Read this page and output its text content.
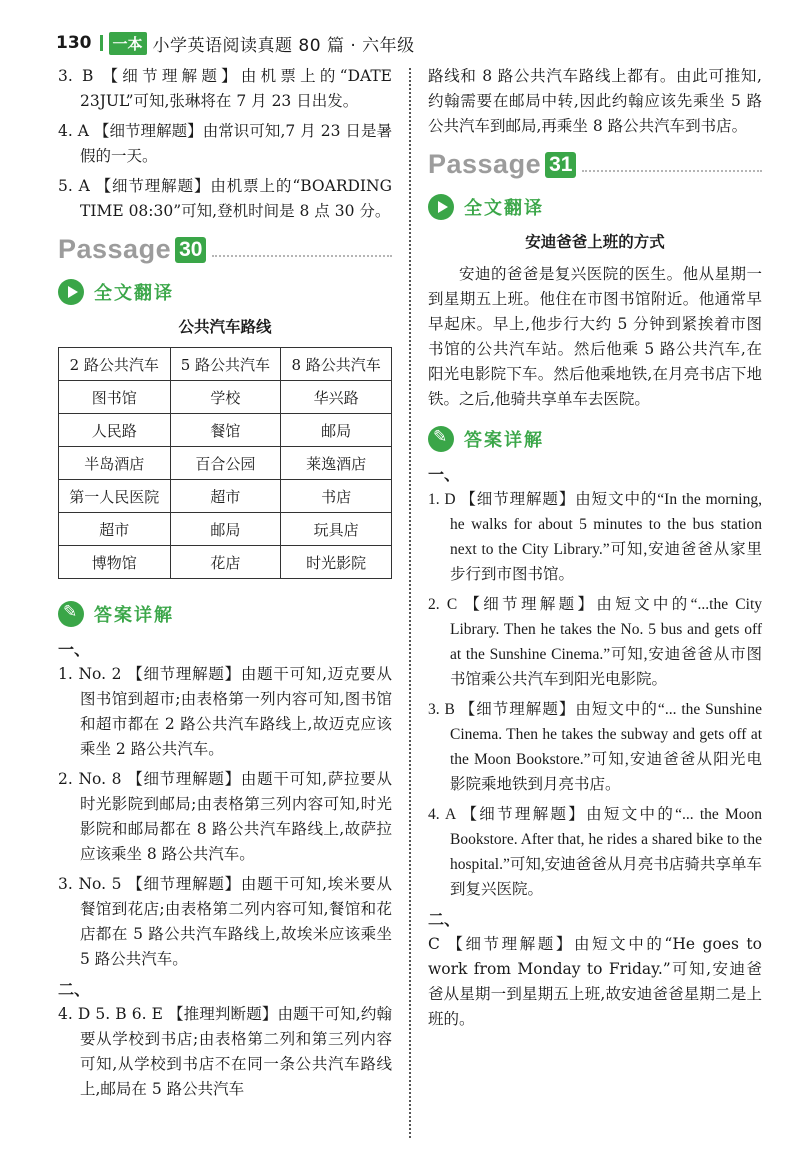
130 一本 小学英语阅读真题 80 篇 · 六年级

3. B 【细节理解题】由机票上的“DATE 23JUL”可知,张琳将在 7 月 23 日出发。

4. A 【细节理解题】由常识可知,7 月 23 日是暑假的一天。

5. A 【细节理解题】由机票上的“BOARDING TIME 08:30”可知,登机时间是 8 点 30 分。

Passage 30
全文翻译
公共汽车路线
2 路公共汽车	5 路公共汽车	8 路公共汽车
图书馆	学校	华兴路
人民路	餐馆	邮局
半岛酒店	百合公园	莱逸酒店
第一人民医院	超市	书店
超市	邮局	玩具店
博物馆	花店	时光影院
✎
答案详解
一、

1. No. 2 【细节理解题】由题干可知,迈克要从图书馆到超市;由表格第一列内容可知,图书馆和超市都在 2 路公共汽车路线上,故迈克应该乘坐 2 路公共汽车。

2. No. 8 【细节理解题】由题干可知,萨拉要从时光影院到邮局;由表格第三列内容可知,时光影院和邮局都在 8 路公共汽车路线上,故萨拉应该乘坐 8 路公共汽车。

3. No. 5 【细节理解题】由题干可知,埃米要从餐馆到花店;由表格第二列内容可知,餐馆和花店都在 5 路公共汽车路线上,故埃米应该乘坐 5 路公共汽车。

二、

4. D 5. B 6. E 【推理判断题】由题干可知,约翰要从学校到书店;由表格第二列和第三列内容可知,从学校到书店不在同一条公共汽车路线上,邮局在 5 路公共汽车

路线和 8 路公共汽车路线上都有。由此可推知,约翰需要在邮局中转,因此约翰应该先乘坐 5 路公共汽车到邮局,再乘坐 8 路公共汽车到书店。

Passage 31
全文翻译
安迪爸爸上班的方式

安迪的爸爸是复兴医院的医生。他从星期一到星期五上班。他住在市图书馆附近。他通常早早起床。早上,他步行大约 5 分钟到紧挨着市图书馆的公共汽车站。然后他乘 5 路公共汽车,在阳光电影院下车。然后他乘地铁,在月亮书店下地铁。之后,他骑共享单车去医院。

✎
答案详解
一、

1. D 【细节理解题】由短文中的“In the morning, he walks for about 5 minutes to the bus station next to the City Library.”可知,安迪爸爸从家里步行到市图书馆。

2. C 【细节理解题】由短文中的“...the City Library. Then he takes the No. 5 bus and gets off at the Sunshine Cinema.”可知,安迪爸爸从市图书馆乘公共汽车到阳光电影院。

3. B 【细节理解题】由短文中的“... the Sunshine Cinema. Then he takes the subway and gets off at the Moon Bookstore.”可知,安迪爸爸从阳光电影院乘地铁到月亮书店。

4. A 【细节理解题】由短文中的“... the Moon Bookstore. After that, he rides a shared bike to the hospital.”可知,安迪爸爸从月亮书店骑共享单车到复兴医院。

二、

C 【细节理解题】由短文中的“He goes to work from Monday to Friday.”可知,安迪爸爸从星期一到星期五上班,故安迪爸爸星期二是上班的。
